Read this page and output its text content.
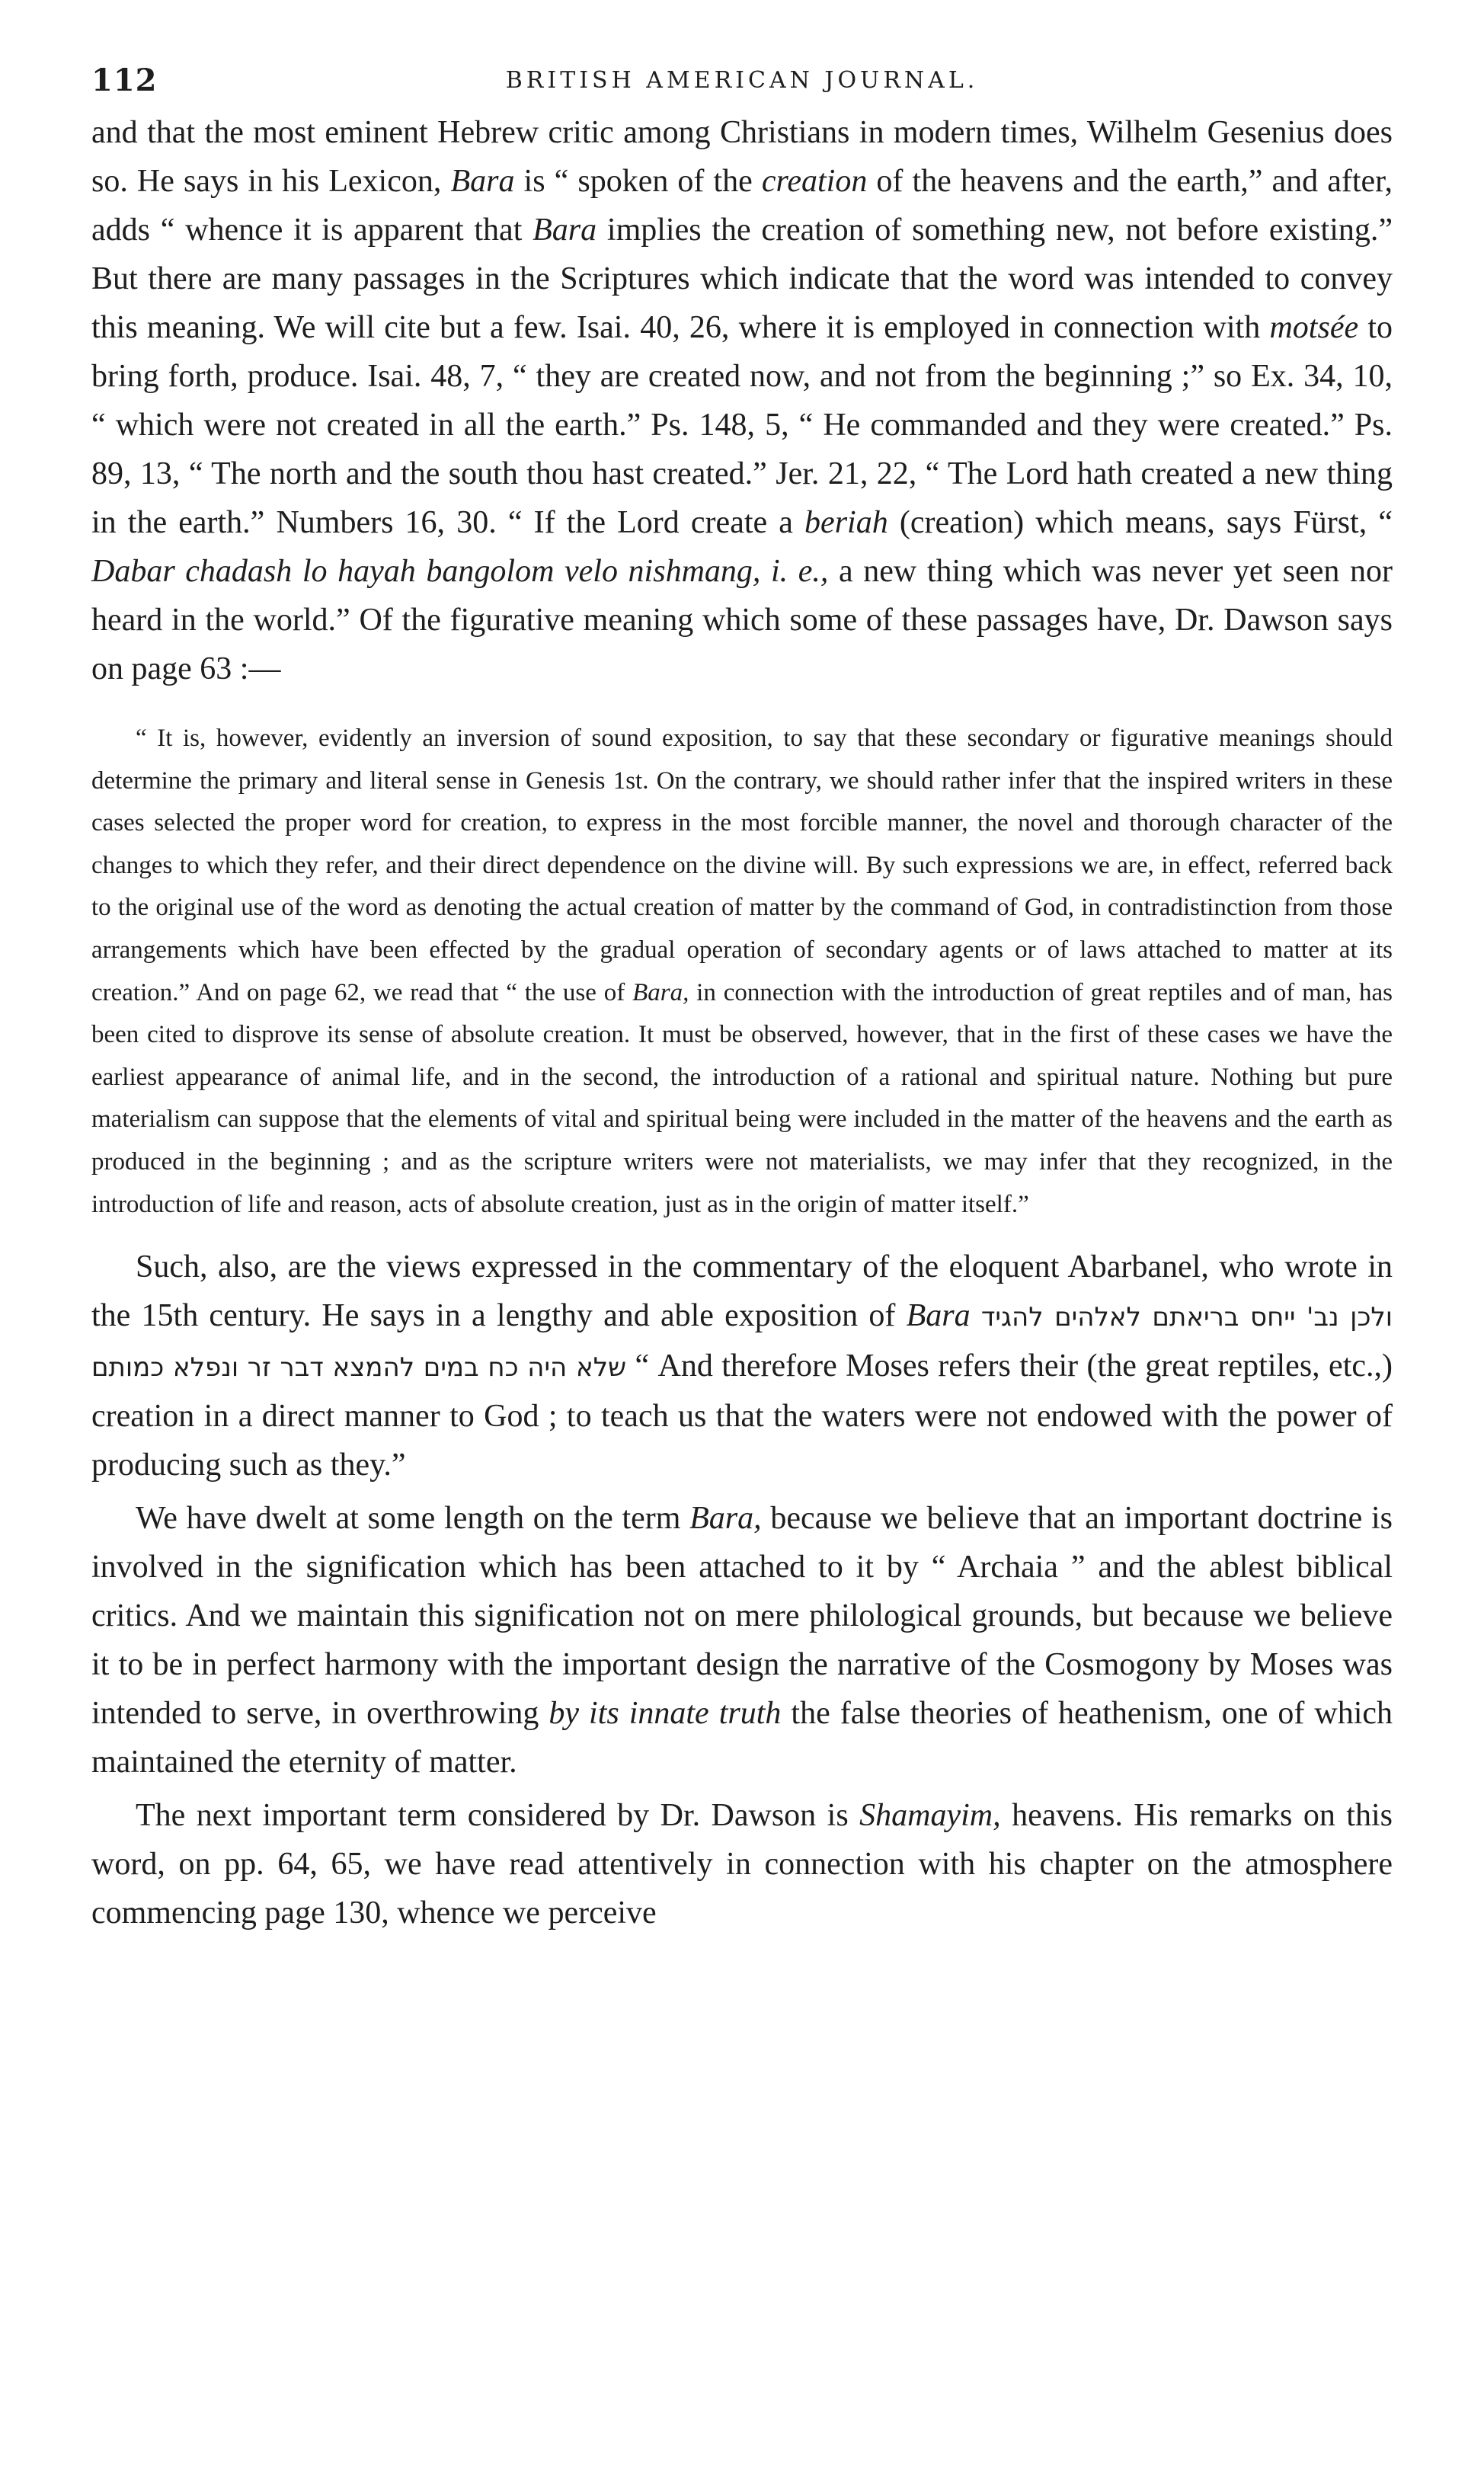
112	BRITISH AMERICAN JOURNAL.

and that the most eminent Hebrew critic among Christians in modern times, Wilhelm Gesenius does so. He says in his Lexicon, Bara is “ spoken of the creation of the heavens and the earth,” and after, adds “ whence it is apparent that Bara implies the creation of something new, not before existing.” But there are many passages in the Scriptures which indicate that the word was intended to convey this meaning. We will cite but a few. Isai. 40, 26, where it is employed in connection with motsée to bring forth, produce. Isai. 48, 7, “ they are created now, and not from the beginning ;” so Ex. 34, 10, “ which were not created in all the earth.” Ps. 148, 5, “ He commanded and they were created.” Ps. 89, 13, “ The north and the south thou hast created.” Jer. 21, 22, “ The Lord hath created a new thing in the earth.” Numbers 16, 30. “ If the Lord create a beriah (creation) which means, says Fürst, “ Dabar chadash lo hayah bangolom velo nishmang, i. e., a new thing which was never yet seen nor heard in the world.” Of the figurative meaning which some of these passages have, Dr. Dawson says on page 63 :—

“ It is, however, evidently an inversion of sound exposition, to say that these secondary or figurative meanings should determine the primary and literal sense in Genesis 1st. On the contrary, we should rather infer that the inspired writers in these cases selected the proper word for creation, to express in the most forcible manner, the novel and thorough character of the changes to which they refer, and their direct dependence on the divine will. By such expressions we are, in effect, referred back to the original use of the word as denoting the actual creation of matter by the command of God, in contradistinction from those arrangements which have been effected by the gradual operation of secondary agents or of laws attached to matter at its creation.” And on page 62, we read that “ the use of Bara, in connection with the introduction of great reptiles and of man, has been cited to disprove its sense of absolute creation. It must be observed, however, that in the first of these cases we have the earliest appearance of animal life, and in the second, the introduction of a rational and spiritual nature. Nothing but pure materialism can suppose that the elements of vital and spiritual being were included in the matter of the heavens and the earth as produced in the beginning ; and as the scripture writers were not materialists, we may infer that they recognized, in the introduction of life and reason, acts of absolute creation, just as in the origin of matter itself.”

Such, also, are the views expressed in the commentary of the eloquent Abarbanel, who wrote in the 15th century. He says in a lengthy and able exposition of Bara ולכן נב' ייחס בריאתם לאלהים להגיד שלא היה כח במים להמצא דבר זר ונפלא כמותם “ And therefore Moses refers their (the great reptiles, etc.,) creation in a direct manner to God ; to teach us that the waters were not endowed with the power of producing such as they.”

We have dwelt at some length on the term Bara, because we believe that an important doctrine is involved in the signification which has been attached to it by “ Archaia ” and the ablest biblical critics. And we maintain this signification not on mere philological grounds, but because we believe it to be in perfect harmony with the important design the narrative of the Cosmogony by Moses was intended to serve, in overthrowing by its innate truth the false theories of heathenism, one of which maintained the eternity of matter.

The next important term considered by Dr. Dawson is Shamayim, heavens. His remarks on this word, on pp. 64, 65, we have read attentively in connection with his chapter on the atmosphere commencing page 130, whence we perceive
